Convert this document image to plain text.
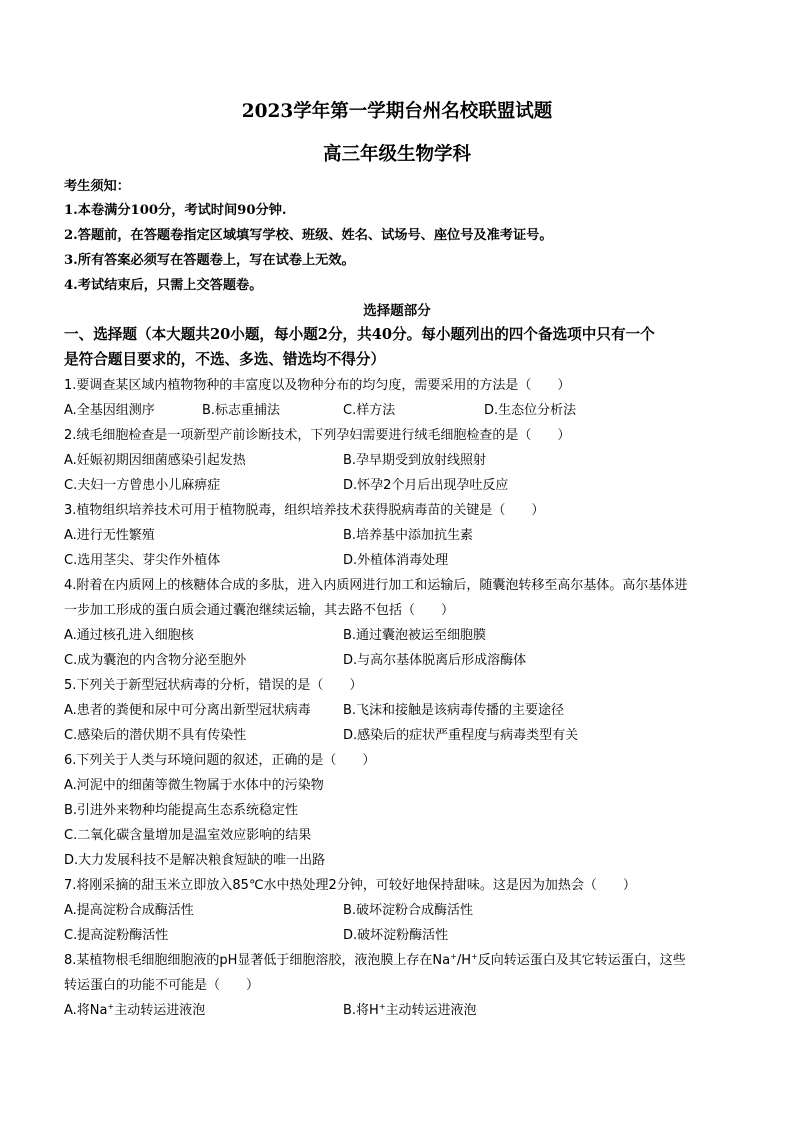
2023学年第一学期台州名校联盟试题
高三年级生物学科
考生须知：
1.本卷满分100分，考试时间90分钟.
2.答题前，在答题卷指定区域填写学校、班级、姓名、试场号、座位号及准考证号。
3.所有答案必须写在答题卷上，写在试卷上无效。
4.考试结束后，只需上交答题卷。
选择题部分
一、选择题（本大题共20小题，每小题2分，共40分。每小题列出的四个备选项中只有一个
是符合题目要求的，不选、多选、错选均不得分）
1.要调查某区域内植物物种的丰富度以及物种分布的均匀度，需要采用的方法是（　　）
A.全基因组测序	B.标志重捕法	C.样方法	D.生态位分析法
2.绒毛细胞检查是一项新型产前诊断技术，下列孕妇需要进行绒毛细胞检查的是（　　）
A.妊娠初期因细菌感染引起发热	B.孕早期受到放射线照射
C.夫妇一方曾患小儿麻痹症	D.怀孕2个月后出现孕吐反应
3.植物组织培养技术可用于植物脱毒，组织培养技术获得脱病毒苗的关键是（　　）
A.进行无性繁殖	B.培养基中添加抗生素
C.选用茎尖、芽尖作外植体	D.外植体消毒处理
4.附着在内质网上的核糖体合成的多肽，进入内质网进行加工和运输后，随囊泡转移至高尔基体。高尔基体进
一步加工形成的蛋白质会通过囊泡继续运输，其去路不包括（　　）
A.通过核孔进入细胞核	B.通过囊泡被运至细胞膜
C.成为囊泡的内含物分泌至胞外	D.与高尔基体脱离后形成溶酶体
5.下列关于新型冠状病毒的分析，错误的是（　　）
A.患者的粪便和尿中可分离出新型冠状病毒 B.飞沫和接触是该病毒传播的主要途径
C.感染后的潜伏期不具有传染性	D.感染后的症状严重程度与病毒类型有关
6.下列关于人类与环境问题的叙述，正确的是（　　）
A.河泥中的细菌等微生物属于水体中的污染物
B.引进外来物种均能提高生态系统稳定性
C.二氧化碳含量增加是温室效应影响的结果
D.大力发展科技不是解决粮食短缺的唯一出路
7.将刚采摘的甜玉米立即放入85℃水中热处理2分钟，可较好地保持甜味。这是因为加热会（　　）
A.提高淀粉合成酶活性	B.破坏淀粉合成酶活性
C.提高淀粉酶活性	D.破坏淀粉酶活性
8.某植物根毛细胞细胞液的pH显著低于细胞溶胶，液泡膜上存在Na+/H+反向转运蛋白及其它转运蛋白，这些
转运蛋白的功能不可能是（　　）
A.将Na+主动转运进液泡	B.将H+主动转运进液泡
